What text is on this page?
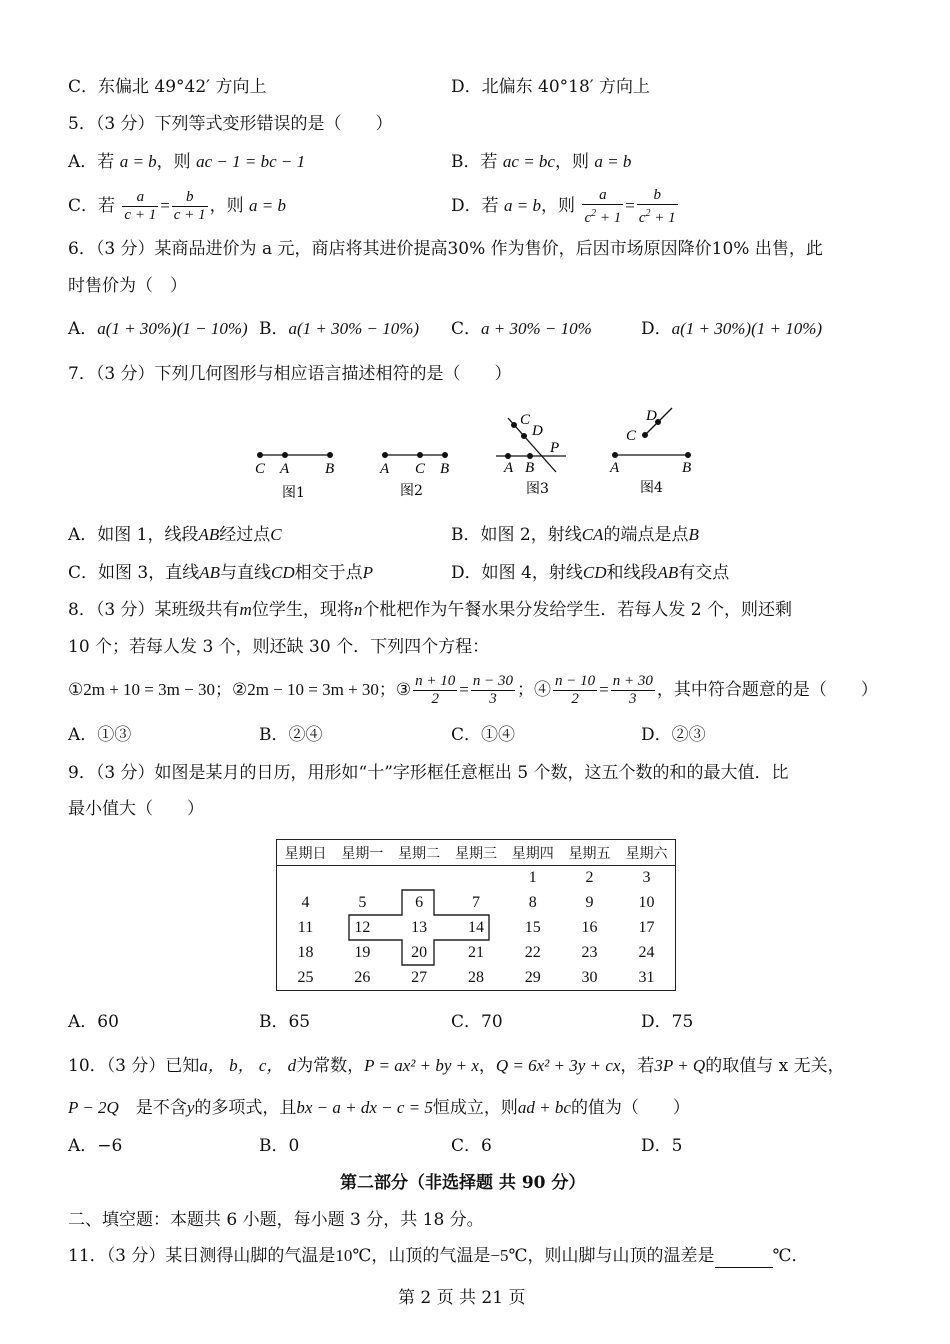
C．东偏北 49°42′ 方向上	D．北偏东 40°18′ 方向上
5．（3 分）下列等式变形错误的是（　　）
A．若 a = b，则 ac − 1 = bc − 1	B．若 ac = bc，则 a = b
C．若 $\frac{a}{c + 1} = \frac{b}{c + 1}$ ，则 a = b	D．若 a = b，则 $\frac{a}{c^2 + 1} = \frac{b}{c^2 + 1}$
6．（3 分）某商品进价为 a 元，商店将其进价提高30% 作为售价，后因市场原因降价10% 出售，此
时售价为（　）
A．a(1 + 30%)(1 − 10%) B．a(1 + 30% − 10%) C．a + 30% − 10%	D．a(1 + 30%)(1 + 10%)
7．（3 分）下列几何图形与相应语言描述相符的是（　　）
C A B
图1
A C B
图2
C
D
P
A B
图3
D
C
A	B
图4
A．如图 1，线段AB经过点C	B．如图 2，射线CA的端点是点B
C．如图 3，直线AB与直线CD相交于点P	D．如图 4，射线CD和线段AB有交点
8．（3 分）某班级共有m位学生，现将n个枇杷作为午餐水果分发给学生．若每人发 2 个，则还剩
10 个；若每人发 3 个，则还缺 30 个．下列四个方程：
①2m + 10 = 3m − 30；②2m − 10 = 3m + 30；③ $\frac{n + 10}{2} = \frac{n - 30}{3}$ ；④ $\frac{n - 10}{2} = \frac{n + 30}{3}$ ，其中符合题意的是（　　）
A．①③	B．②④	C．①④	D．②③
9．（3 分）如图是某月的日历，用形如“十”字形框任意框出 5 个数，这五个数的和的最大值．比
最小值大（　　）
星期日	星期一	星期二	星期三	星期四	星期五	星期六
				1	2	3
4	5	6	7	8	9	10
11	12	13	14	15	16	17
18	19	20	21	22	23	24
25	26	27	28	29	30	31
A．60	B．65	C．70	D．75
10．（3 分）已知a， b， c， d为常数，P = ax² + by + x，Q = 6x² + 3y + cx，若3P + Q的取值与 x 无关，
P − 2Q　 是不含y的多项式，且bx − a + dx − c = 5恒成立，则ad + bc的值为（　　）
A．−6	B．0	C．6	D．5
第二部分（非选择题 共 90 分）
二、填空题：本题共 6 小题，每小题 3 分，共 18 分。
11．（3 分）某日测得山脚的气温是10℃，山顶的气温是−5℃，则山脚与山顶的温差是	℃．
第 2 页 共 21 页
